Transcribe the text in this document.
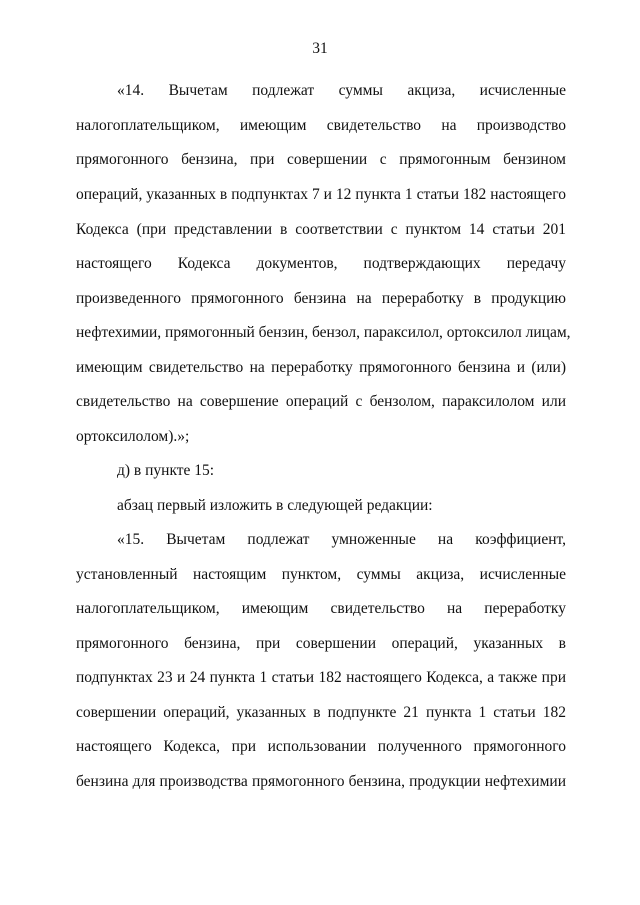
31
«14. Вычетам подлежат суммы акциза, исчисленные
налогоплательщиком, имеющим свидетельство на производство
прямогонного бензина, при совершении с прямогонным бензином
операций, указанных в подпунктах 7 и 12 пункта 1 статьи 182 настоящего
Кодекса (при представлении в соответствии с пунктом 14 статьи 201
настоящего Кодекса документов, подтверждающих передачу
произведенного прямогонного бензина на переработку в продукцию
нефтехимии, прямогонный бензин, бензол, параксилол, ортоксилол лицам,
имеющим свидетельство на переработку прямогонного бензина и (или)
свидетельство на совершение операций с бензолом, параксилолом или
ортоксилолом).»;
д) в пункте 15:
абзац первый изложить в следующей редакции:
«15. Вычетам подлежат умноженные на коэффициент,
установленный настоящим пунктом, суммы акциза, исчисленные
налогоплательщиком, имеющим свидетельство на переработку
прямогонного бензина, при совершении операций, указанных в
подпунктах 23 и 24 пункта 1 статьи 182 настоящего Кодекса, а также при
совершении операций, указанных в подпункте 21 пункта 1 статьи 182
настоящего Кодекса, при использовании полученного прямогонного
бензина для производства прямогонного бензина, продукции нефтехимии
